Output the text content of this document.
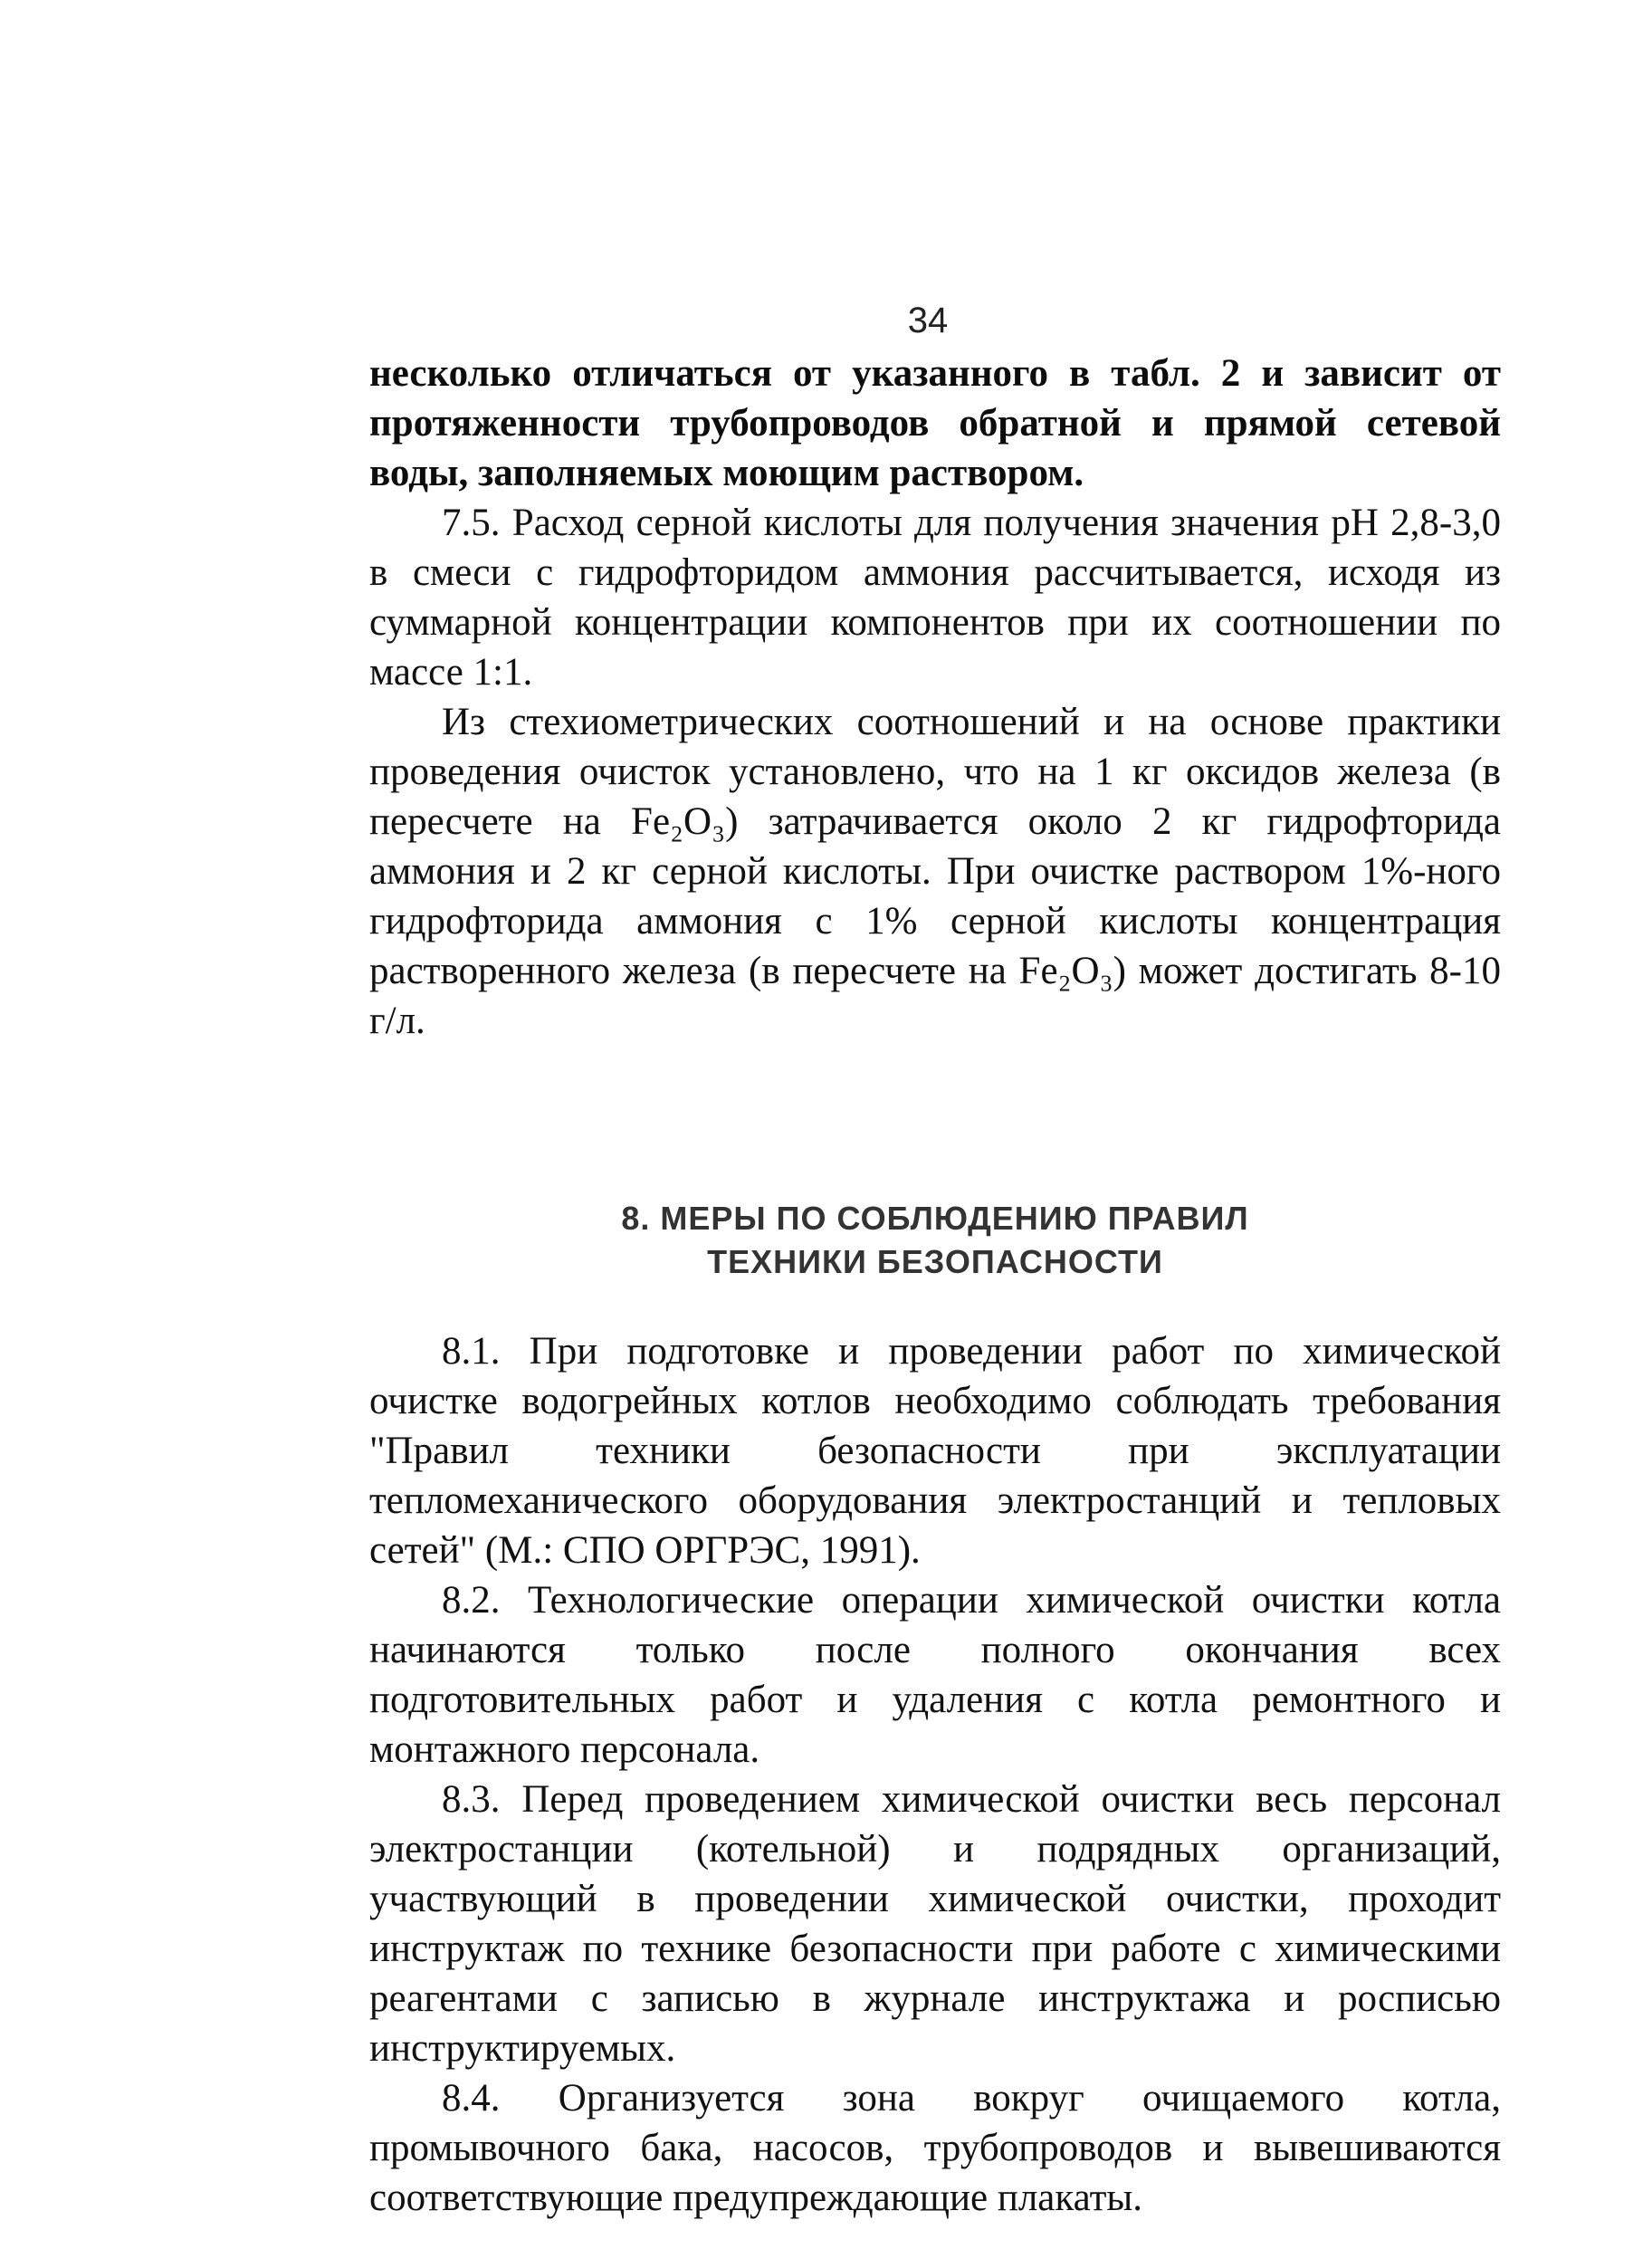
34

несколько отличаться от указанного в табл. 2 и зависит от протяженности трубопроводов обратной и прямой сетевой воды, заполняемых моющим раствором.

7.5. Расход серной кислоты для получения значения pH 2,8-3,0 в смеси с гидрофторидом аммония рассчитывается, исходя из суммарной концентрации компонентов при их соотношении по массе 1:1.

Из стехиометрических соотношений и на основе практики проведения очисток установлено, что на 1 кг оксидов железа (в пересчете на Fe₂O₃) затрачивается около 2 кг гидрофторида аммония и 2 кг серной кислоты. При очистке раствором 1%-ного гидрофторида аммония с 1% серной кислоты концентрация растворенного железа (в пересчете на Fe₂O₃) может достигать 8-10 г/л.

8. МЕРЫ ПО СОБЛЮДЕНИЮ ПРАВИЛ
ТЕХНИКИ БЕЗОПАСНОСТИ

8.1. При подготовке и проведении работ по химической очистке водогрейных котлов необходимо соблюдать требования "Правил техники безопасности при эксплуатации тепломеханического оборудования электростанций и тепловых сетей" (М.: СПО ОРГРЭС, 1991).

8.2. Технологические операции химической очистки котла начинаются только после полного окончания всех подготовительных работ и удаления с котла ремонтного и монтажного персонала.

8.3. Перед проведением химической очистки весь персонал электростанции (котельной) и подрядных организаций, участвующий в проведении химической очистки, проходит инструктаж по технике безопасности при работе с химическими реагентами с записью в журнале инструктажа и росписью инструктируемых.

8.4. Организуется зона вокруг очищаемого котла, промывочного бака, насосов, трубопроводов и вывешиваются соответствующие предупреждающие плакаты.
